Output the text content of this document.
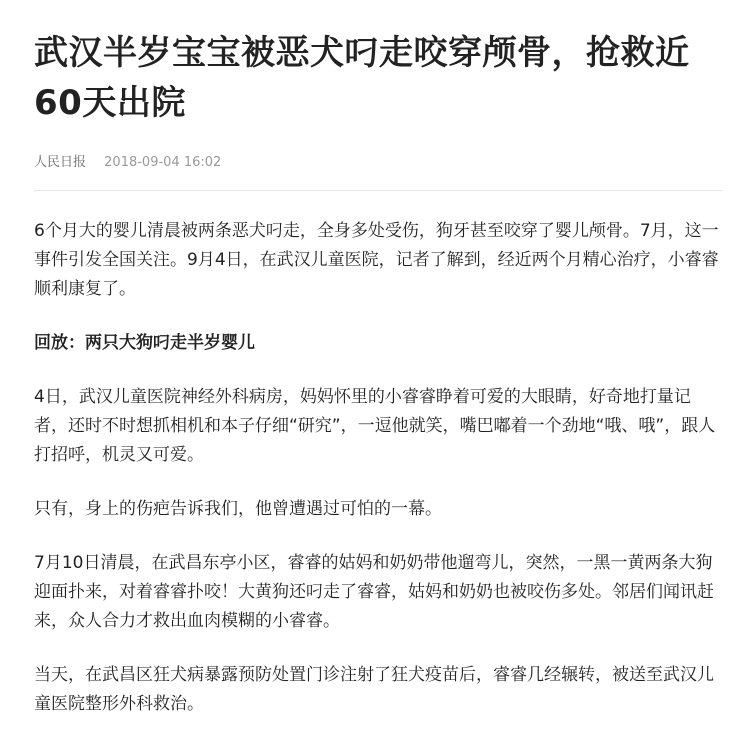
武汉半岁宝宝被恶犬叼走咬穿颅骨，抢救近60天出院
人民日报 2018-09-04 16:02

6个月大的婴儿清晨被两条恶犬叼走，全身多处受伤，狗牙甚至咬穿了婴儿颅骨。7月，这一事件引发全国关注。9月4日，在武汉儿童医院，记者了解到，经近两个月精心治疗，小睿睿顺利康复了。

回放：两只大狗叼走半岁婴儿

4日，武汉儿童医院神经外科病房，妈妈怀里的小睿睿睁着可爱的大眼睛，好奇地打量记者，还时不时想抓相机和本子仔细“研究”，一逗他就笑，嘴巴嘟着一个劲地“哦、哦”，跟人打招呼，机灵又可爱。

只有，身上的伤疤告诉我们，他曾遭遇过可怕的一幕。

7月10日清晨，在武昌东亭小区，睿睿的姑妈和奶奶带他遛弯儿，突然，一黑一黄两条大狗迎面扑来，对着睿睿扑咬！大黄狗还叼走了睿睿，姑妈和奶奶也被咬伤多处。邻居们闻讯赶来，众人合力才救出血肉模糊的小睿睿。

当天，在武昌区狂犬病暴露预防处置门诊注射了狂犬疫苗后，睿睿几经辗转，被送至武汉儿童医院整形外科救治。
